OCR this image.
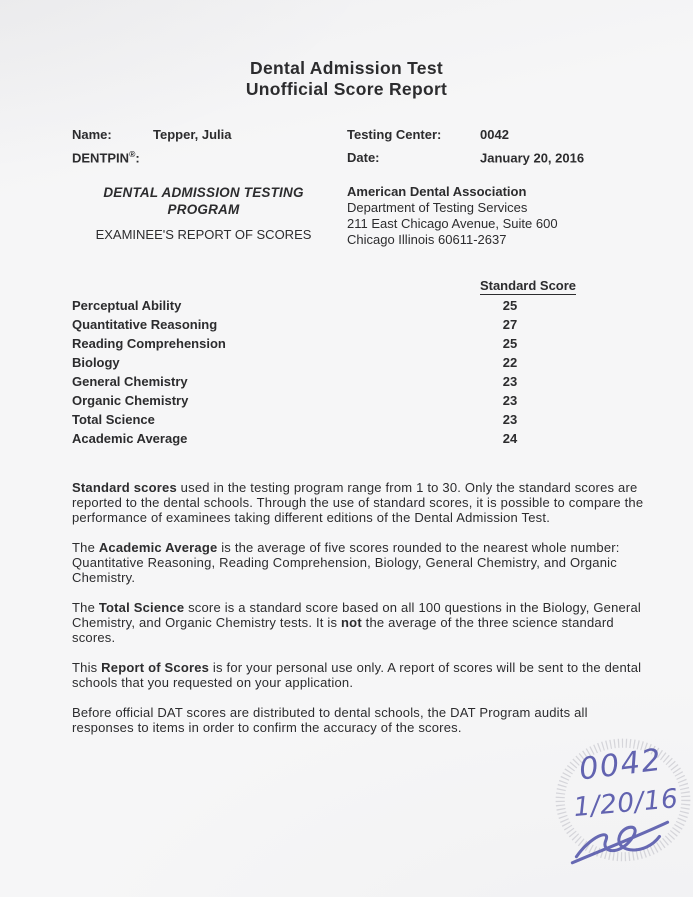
Dental Admission Test
Unofficial Score Report
Name:	Tepper, Julia	Testing Center:	0042
DENTPIN®:	Date:	January 20, 2016
DENTAL ADMISSION TESTING
PROGRAM
EXAMINEE'S REPORT OF SCORES
American Dental Association
Department of Testing Services
211 East Chicago Avenue, Suite 600
Chicago Illinois 60611-2637
Standard Score
Perceptual Ability	25
Quantitative Reasoning	27
Reading Comprehension	25
Biology	22
General Chemistry	23
Organic Chemistry	23
Total Science	23
Academic Average	24

Standard scores used in the testing program range from 1 to 30. Only the standard scores are reported to the dental schools. Through the use of standard scores, it is possible to compare the performance of examinees taking different editions of the Dental Admission Test.

The Academic Average is the average of five scores rounded to the nearest whole number: Quantitative Reasoning, Reading Comprehension, Biology, General Chemistry, and Organic Chemistry.

The Total Science score is a standard score based on all 100 questions in the Biology, General Chemistry, and Organic Chemistry tests. It is not the average of the three science standard scores.

This Report of Scores is for your personal use only. A report of scores will be sent to the dental schools that you requested on your application.

Before official DAT scores are distributed to dental schools, the DAT Program audits all responses to items in order to confirm the accuracy of the scores.

0042
1/20/16
